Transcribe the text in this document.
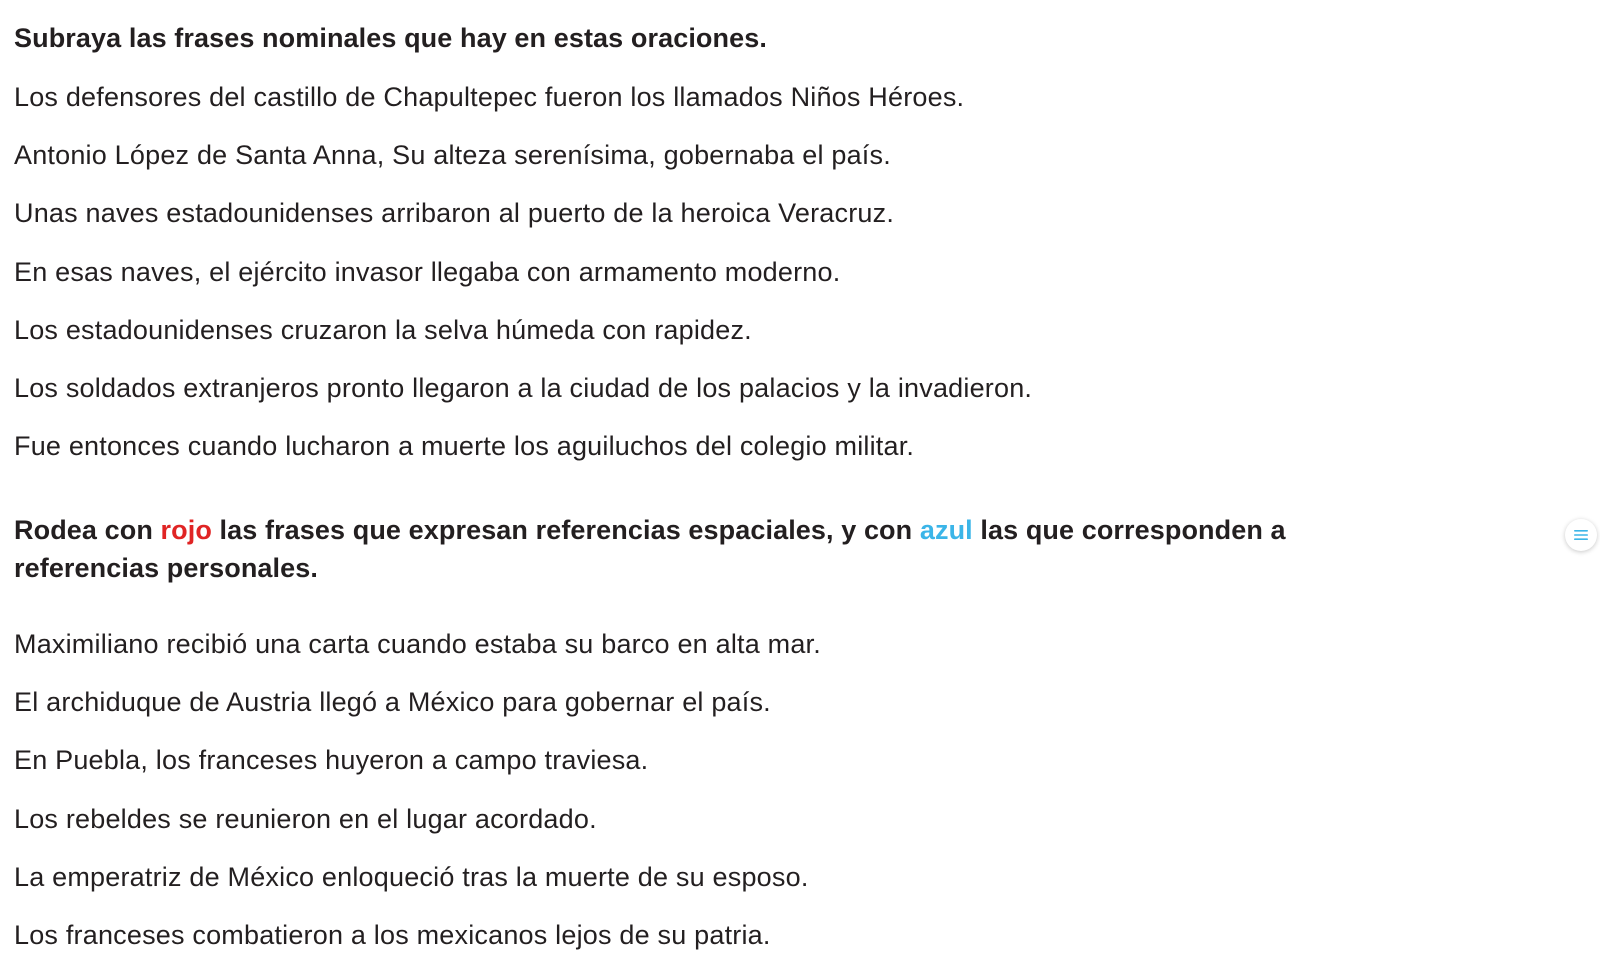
Subraya las frases nominales que hay en estas oraciones.

Los defensores del castillo de Chapultepec fueron los llamados Niños Héroes.
Antonio López de Santa Anna, Su alteza serenísima, gobernaba el país.
Unas naves estadounidenses arribaron al puerto de la heroica Veracruz.
En esas naves, el ejército invasor llegaba con armamento moderno.
Los estadounidenses cruzaron la selva húmeda con rapidez.
Los soldados extranjeros pronto llegaron a la ciudad de los palacios y la invadieron.
Fue entonces cuando lucharon a muerte los aguiluchos del colegio militar.

Rodea con rojo las frases que expresan referencias espaciales, y con azul las que corresponden a referencias personales.

Maximiliano recibió una carta cuando estaba su barco en alta mar.
El archiduque de Austria llegó a México para gobernar el país.
En Puebla, los franceses huyeron a campo traviesa.
Los rebeldes se reunieron en el lugar acordado.
La emperatriz de México enloqueció tras la muerte de su esposo.
Los franceses combatieron a los mexicanos lejos de su patria.
